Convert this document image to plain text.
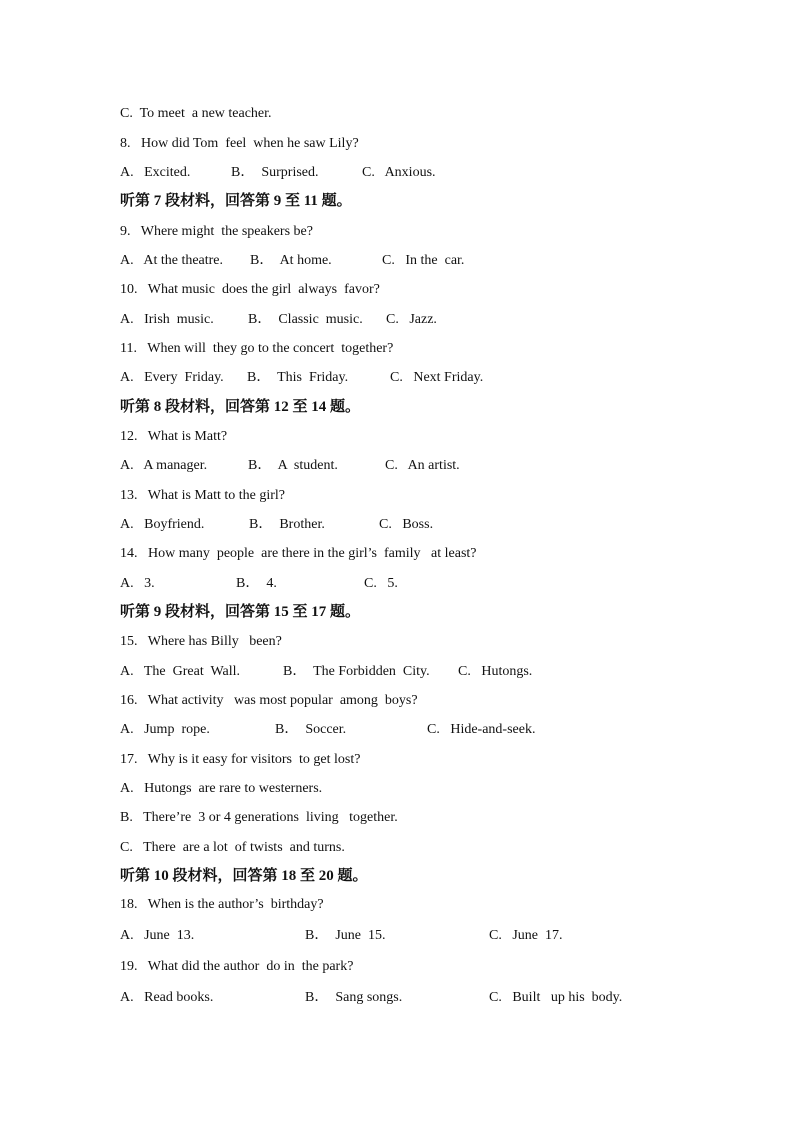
C.  To meet  a new teacher.
8.   How did Tom  feel  when he saw Lily?
A.   Excited.	B．  Surprised.	C.   Anxious.
听第 7 段材料，回答第 9 至 11 题。
9.   Where might  the speakers be?
A.   At the theatre. B．  At home.	C.   In the  car.
10.   What music  does the girl  always  favor?
A.   Irish  music. B．  Classic  music. C.   Jazz.
11.   When will  they go to the concert  together?
A.   Every  Friday. B．  This  Friday.	C.   Next Friday.
听第 8 段材料，回答第 12 至 14 题。
12.   What is Matt?
A.   A manager.	B．  A  student.	C.   An artist.
13.   What is Matt to the girl?
A.   Boyfriend.	B．  Brother.	C.   Boss.
14.   How many  people  are there in the girl’s  family   at least?
A.   3.	B．  4.	C.   5.
听第 9 段材料，回答第 15 至 17 题。
15.   Where has Billy   been?
A.   The  Great  Wall.	B．  The Forbidden  City. C.   Hutongs.
16.   What activity   was most popular  among  boys?
A.   Jump  rope.	B．  Soccer.	C.   Hide-and-seek.
17.   Why is it easy for visitors  to get lost?
A.   Hutongs  are rare to westerners.
B.   There’re  3 or 4 generations  living   together.
C.   There  are a lot  of twists  and turns.
听第 10 段材料，回答第 18 至 20 题。
18.   When is the author’s  birthday?
A.   June  13.	B．  June  15.	C.   June  17.
19.   What did the author  do in  the park?
A.   Read books.	B．  Sang songs.	C.   Built   up his  body.
